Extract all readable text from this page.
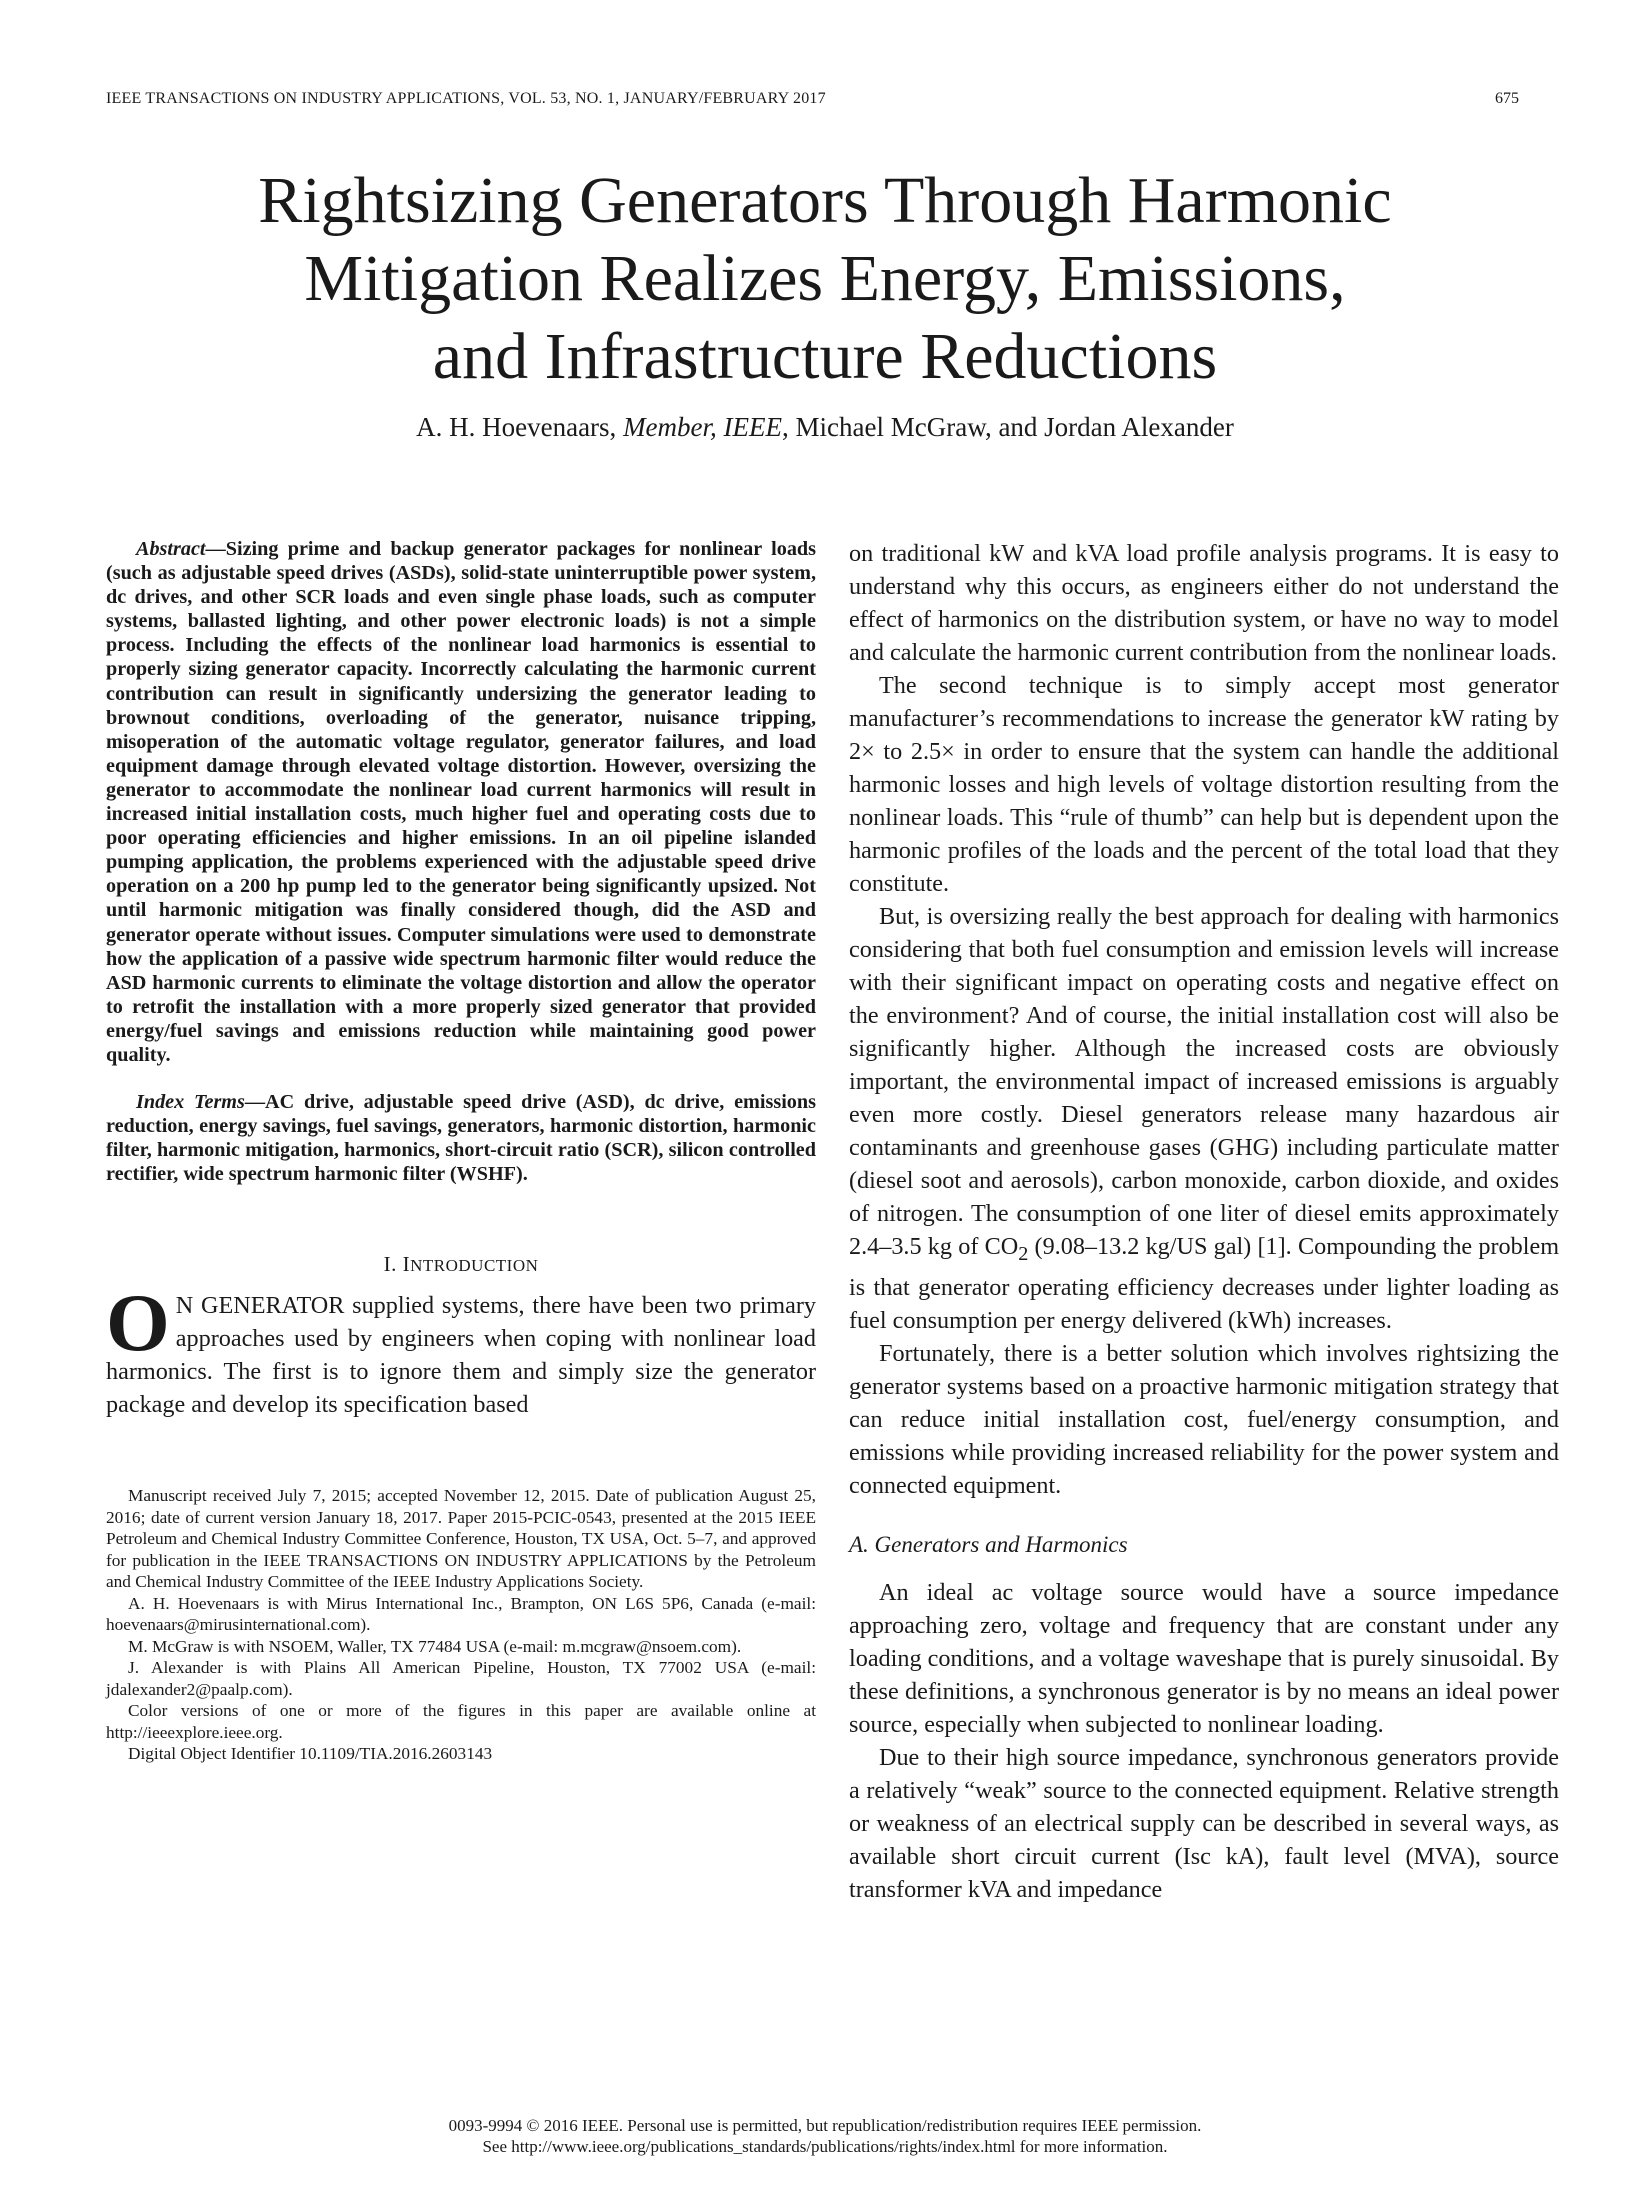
IEEE TRANSACTIONS ON INDUSTRY APPLICATIONS, VOL. 53, NO. 1, JANUARY/FEBRUARY 2017	675
Rightsizing Generators Through Harmonic
Mitigation Realizes Energy, Emissions,
and Infrastructure Reductions
A. H. Hoevenaars, Member, IEEE, Michael McGraw, and Jordan Alexander

Abstract—Sizing prime and backup generator packages for nonlinear loads (such as adjustable speed drives (ASDs), solid-state uninterruptible power system, dc drives, and other SCR loads and even single phase loads, such as computer systems, ballasted lighting, and other power electronic loads) is not a simple process. Including the effects of the nonlinear load harmonics is essential to properly sizing generator capacity. Incorrectly calculating the harmonic current contribution can result in significantly undersizing the generator leading to brownout conditions, overloading of the generator, nuisance tripping, misoperation of the automatic voltage regulator, generator failures, and load equipment damage through elevated voltage distortion. However, oversizing the generator to accommodate the nonlinear load current harmonics will result in increased initial installation costs, much higher fuel and operating costs due to poor operating efficiencies and higher emissions. In an oil pipeline islanded pumping application, the problems experienced with the adjustable speed drive operation on a 200 hp pump led to the generator being significantly upsized. Not until harmonic mitigation was finally considered though, did the ASD and generator operate without issues. Computer simulations were used to demonstrate how the application of a passive wide spectrum harmonic filter would reduce the ASD harmonic currents to eliminate the voltage distortion and allow the operator to retrofit the installation with a more properly sized generator that provided energy/fuel savings and emissions reduction while maintaining good power quality.

Index Terms—AC drive, adjustable speed drive (ASD), dc drive, emissions reduction, energy savings, fuel savings, generators, harmonic distortion, harmonic filter, harmonic mitigation, harmonics, short-circuit ratio (SCR), silicon controlled rectifier, wide spectrum harmonic filter (WSHF).

I. INTRODUCTION

O N GENERATOR supplied systems, there have been two primary approaches used by engineers when coping with nonlinear load harmonics. The first is to ignore them and simply size the generator package and develop its specification based

Manuscript received July 7, 2015; accepted November 12, 2015. Date of publication August 25, 2016; date of current version January 18, 2017. Paper 2015-PCIC-0543, presented at the 2015 IEEE Petroleum and Chemical Industry Committee Conference, Houston, TX USA, Oct. 5–7, and approved for publication in the IEEE TRANSACTIONS ON INDUSTRY APPLICATIONS by the Petroleum and Chemical Industry Committee of the IEEE Industry Applications Society.

A. H. Hoevenaars is with Mirus International Inc., Brampton, ON L6S 5P6, Canada (e-mail: hoevenaars@mirusinternational.com).

M. McGraw is with NSOEM, Waller, TX 77484 USA (e-mail: m.mcgraw@nsoem.com).

J. Alexander is with Plains All American Pipeline, Houston, TX 77002 USA (e-mail: jdalexander2@paalp.com).

Color versions of one or more of the figures in this paper are available online at http://ieeexplore.ieee.org.

Digital Object Identifier 10.1109/TIA.2016.2603143

on traditional kW and kVA load profile analysis programs. It is easy to understand why this occurs, as engineers either do not understand the effect of harmonics on the distribution system, or have no way to model and calculate the harmonic current contribution from the nonlinear loads.

The second technique is to simply accept most generator manufacturer’s recommendations to increase the generator kW rating by 2× to 2.5× in order to ensure that the system can handle the additional harmonic losses and high levels of voltage distortion resulting from the nonlinear loads. This “rule of thumb” can help but is dependent upon the harmonic profiles of the loads and the percent of the total load that they constitute.

But, is oversizing really the best approach for dealing with harmonics considering that both fuel consumption and emission levels will increase with their significant impact on operating costs and negative effect on the environment? And of course, the initial installation cost will also be significantly higher. Although the increased costs are obviously important, the environmental impact of increased emissions is arguably even more costly. Diesel generators release many hazardous air contaminants and greenhouse gases (GHG) including particulate matter (diesel soot and aerosols), carbon monoxide, carbon dioxide, and oxides of nitrogen. The consumption of one liter of diesel emits approximately 2.4–3.5 kg of $CO_2$ (9.08–13.2 kg/US gal) [1]. Compounding the problem is that generator operating efficiency decreases under lighter loading as fuel consumption per energy delivered (kWh) increases.

Fortunately, there is a better solution which involves rightsizing the generator systems based on a proactive harmonic mitigation strategy that can reduce initial installation cost, fuel/energy consumption, and emissions while providing increased reliability for the power system and connected equipment.

A. Generators and Harmonics

An ideal ac voltage source would have a source impedance approaching zero, voltage and frequency that are constant under any loading conditions, and a voltage waveshape that is purely sinusoidal. By these definitions, a synchronous generator is by no means an ideal power source, especially when subjected to nonlinear loading.

Due to their high source impedance, synchronous generators provide a relatively “weak” source to the connected equipment. Relative strength or weakness of an electrical supply can be described in several ways, as available short circuit current (Isc kA), fault level (MVA), source transformer kVA and impedance

0093-9994 © 2016 IEEE. Personal use is permitted, but republication/redistribution requires IEEE permission.
See http://www.ieee.org/publications_standards/publications/rights/index.html for more information.
